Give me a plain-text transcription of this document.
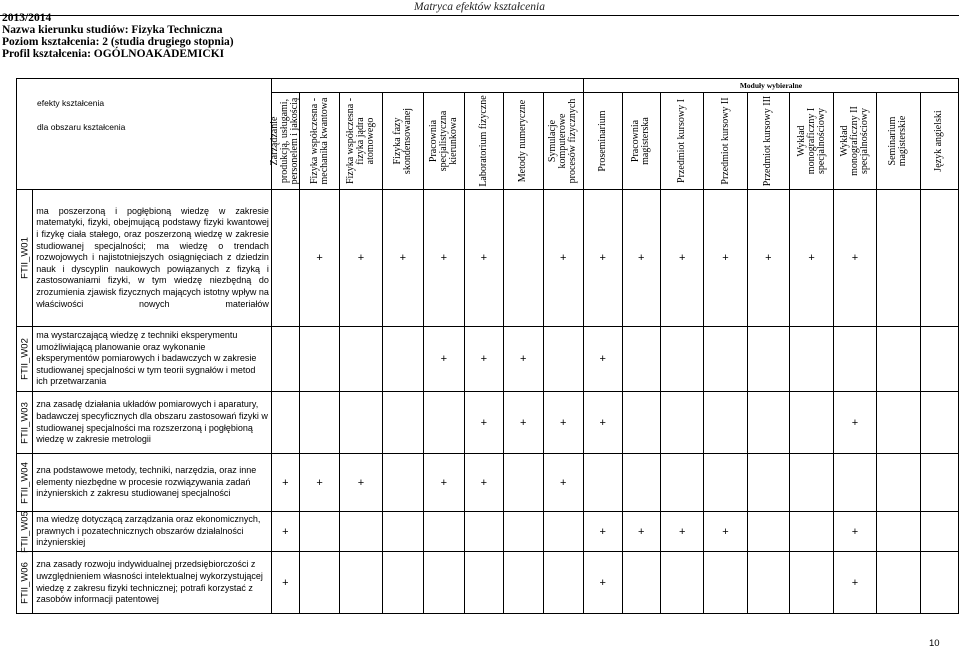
Matryca efektów kształcenia
2013/2014
Nazwa kierunku studiów: Fizyka Techniczna
Poziom kształcenia: 2 (studia drugiego stopnia)
Profil kształcenia: OGÓLNOAKADEMICKI
efekty kształcenia
dla obszaru kształcenia										Moduły wybieralne								

		Zarządzanie produkcją, usługami, personelem i jakością	Fizyka współczesna - mechanika kwantowa	Fizyka współczesna - fizyka jądra atomowego	Fizyka fazy skondensowanej	Pracownia specjalistyczna kierunkowa	Laboratorium fizyczne	Metody numeryczne	Symulacje komputerowe procesów fizycznych	Proseminarium	Pracownia magisterska	Przedmiot kursowy I	Przedmiot kursowy II	Przedmiot kursowy III	Wykład monograficzny I specjalnościowy	Wykład monograficzny II specjalnościowy	Seminarium magisterskie	Język angielski

FTII_W01	ma poszerzoną i pogłębioną wiedzę w zakresie matematyki, fizyki, obejmującą podstawy fizyki kwantowej i fizykę ciała stałego, oraz poszerzoną wiedzę w zakresie studiowanej specjalności; ma wiedzę o trendach rozwojowych i najistotniejszych osiągnięciach z dziedzin nauk i dyscyplin naukowych powiązanych z fizyką i zastosowaniami fizyki, w tym wiedzę niezbędną do zrozumienia zjawisk fizycznych mających istotny wpływ na właściwości nowych materiałów		+	+	+	+	+		+	+	+	+	+	+	+	+		

FTII_W02	ma wystarczającą wiedzę z techniki eksperymentu umożliwiającą planowanie oraz wykonanie eksperymentów pomiarowych i badawczych w zakresie studiowanej specjalności w tym teorii sygnałów i metod ich przetwarzania					+	+	+		+								

FTII_W03	zna zasadę działania układów pomiarowych i aparatury, badawczej specyficznych dla obszaru zastosowań fizyki w studiowanej specjalności ma rozszerzoną i pogłębioną wiedzę w zakresie metrologii						+	+	+	+						+		

FTII_W04	zna podstawowe metody, techniki, narzędzia, oraz inne elementy niezbędne w procesie rozwiązywania zadań inżynierskich z zakresu studiowanej specjalności	+	+	+		+	+		+									

FTII_W05	ma wiedzę dotyczącą zarządzania oraz ekonomicznych, prawnych i pozatechnicznych obszarów działalności inżynierskiej	+								+	+	+	+			+		

FTII_W06	zna zasady rozwoju indywidualnej przedsiębiorczości z uwzględnieniem własności intelektualnej wykorzystującej wiedzę z zakresu fizyki technicznej; potrafi korzystać z zasobów informacji patentowej	+								+						+		
10
